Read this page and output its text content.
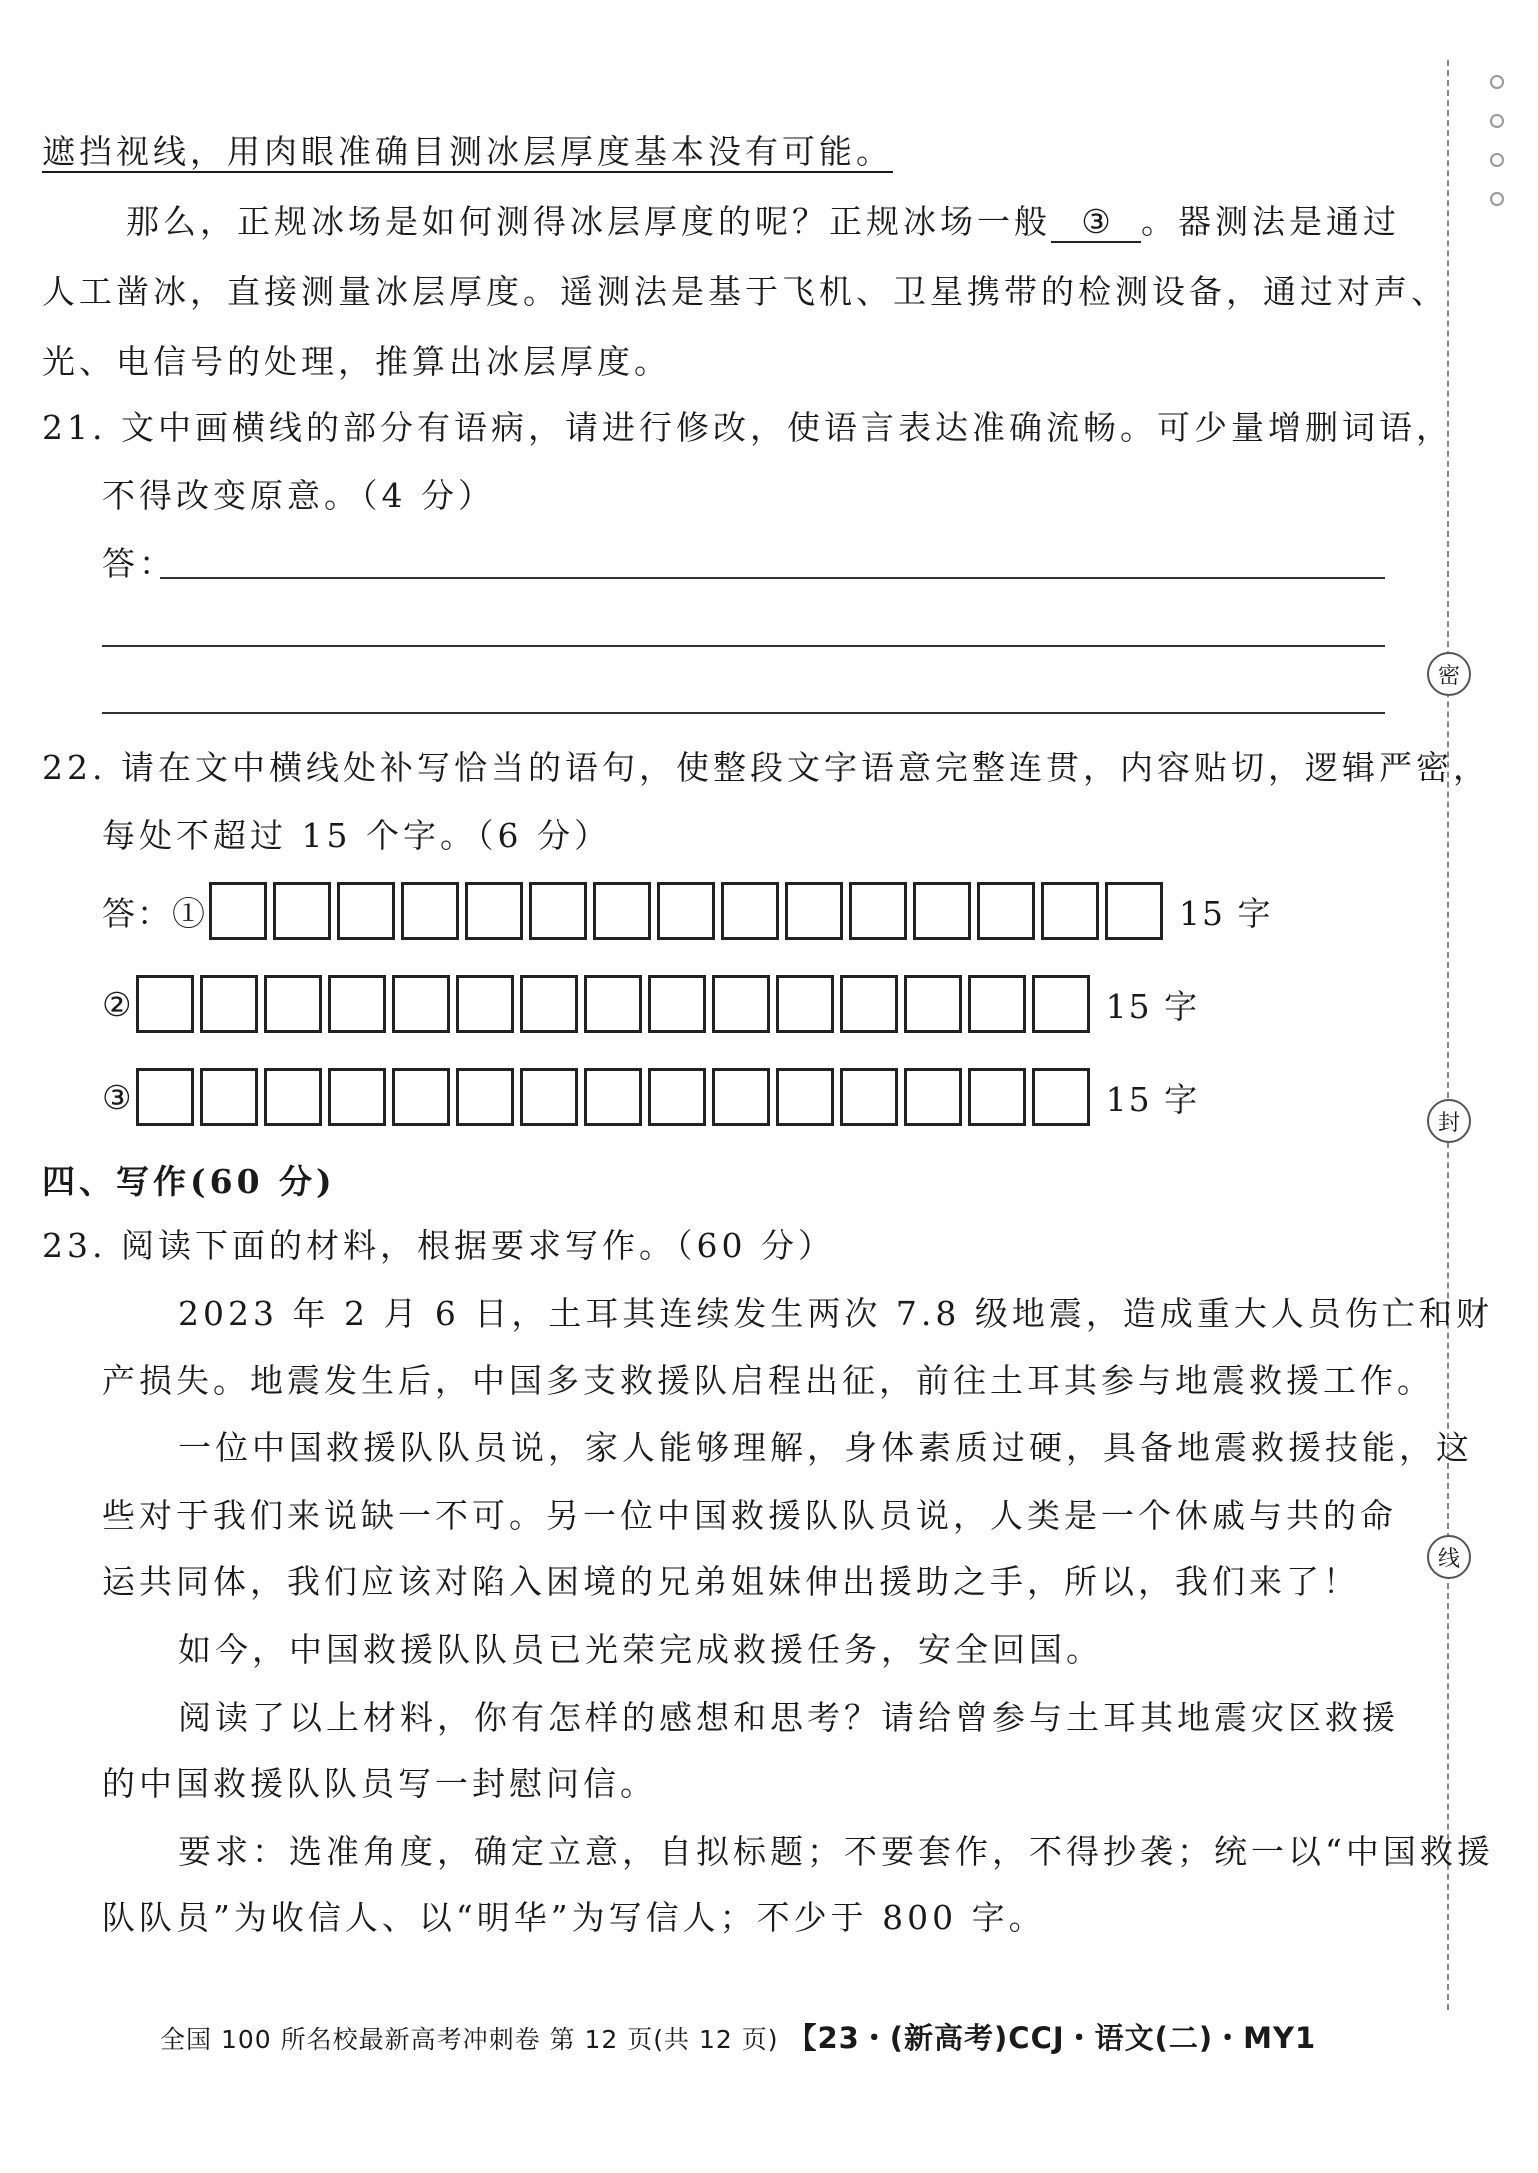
密
封
线
遮挡视线，用肉眼准确目测冰层厚度基本没有可能。
那么，正规冰场是如何测得冰层厚度的呢？正规冰场一般 ③ 。器测法是通过
人工凿冰，直接测量冰层厚度。遥测法是基于飞机、卫星携带的检测设备，通过对声、
光、电信号的处理，推算出冰层厚度。
21. 文中画横线的部分有语病，请进行修改，使语言表达准确流畅。可少量增删词语，
不得改变原意。（4 分）
答：
22. 请在文中横线处补写恰当的语句，使整段文字语意完整连贯，内容贴切，逻辑严密，
每处不超过 15 个字。（6 分）
答：①	15 字
②	15 字
③	15 字
四、写作(60 分)
23. 阅读下面的材料，根据要求写作。（60 分）
2023 年 2 月 6 日，土耳其连续发生两次 7.8 级地震，造成重大人员伤亡和财
产损失。地震发生后，中国多支救援队启程出征，前往土耳其参与地震救援工作。
一位中国救援队队员说，家人能够理解，身体素质过硬，具备地震救援技能，这
些对于我们来说缺一不可。另一位中国救援队队员说，人类是一个休戚与共的命
运共同体，我们应该对陷入困境的兄弟姐妹伸出援助之手，所以，我们来了！
如今，中国救援队队员已光荣完成救援任务，安全回国。
阅读了以上材料，你有怎样的感想和思考？请给曾参与土耳其地震灾区救援
的中国救援队队员写一封慰问信。
要求：选准角度，确定立意，自拟标题；不要套作，不得抄袭；统一以“中国救援
队队员”为收信人、以“明华”为写信人；不少于 800 字。
全国 100 所名校最新高考冲刺卷 第 12 页(共 12 页) 【23・(新高考)CCJ・语文(二)・MY1
